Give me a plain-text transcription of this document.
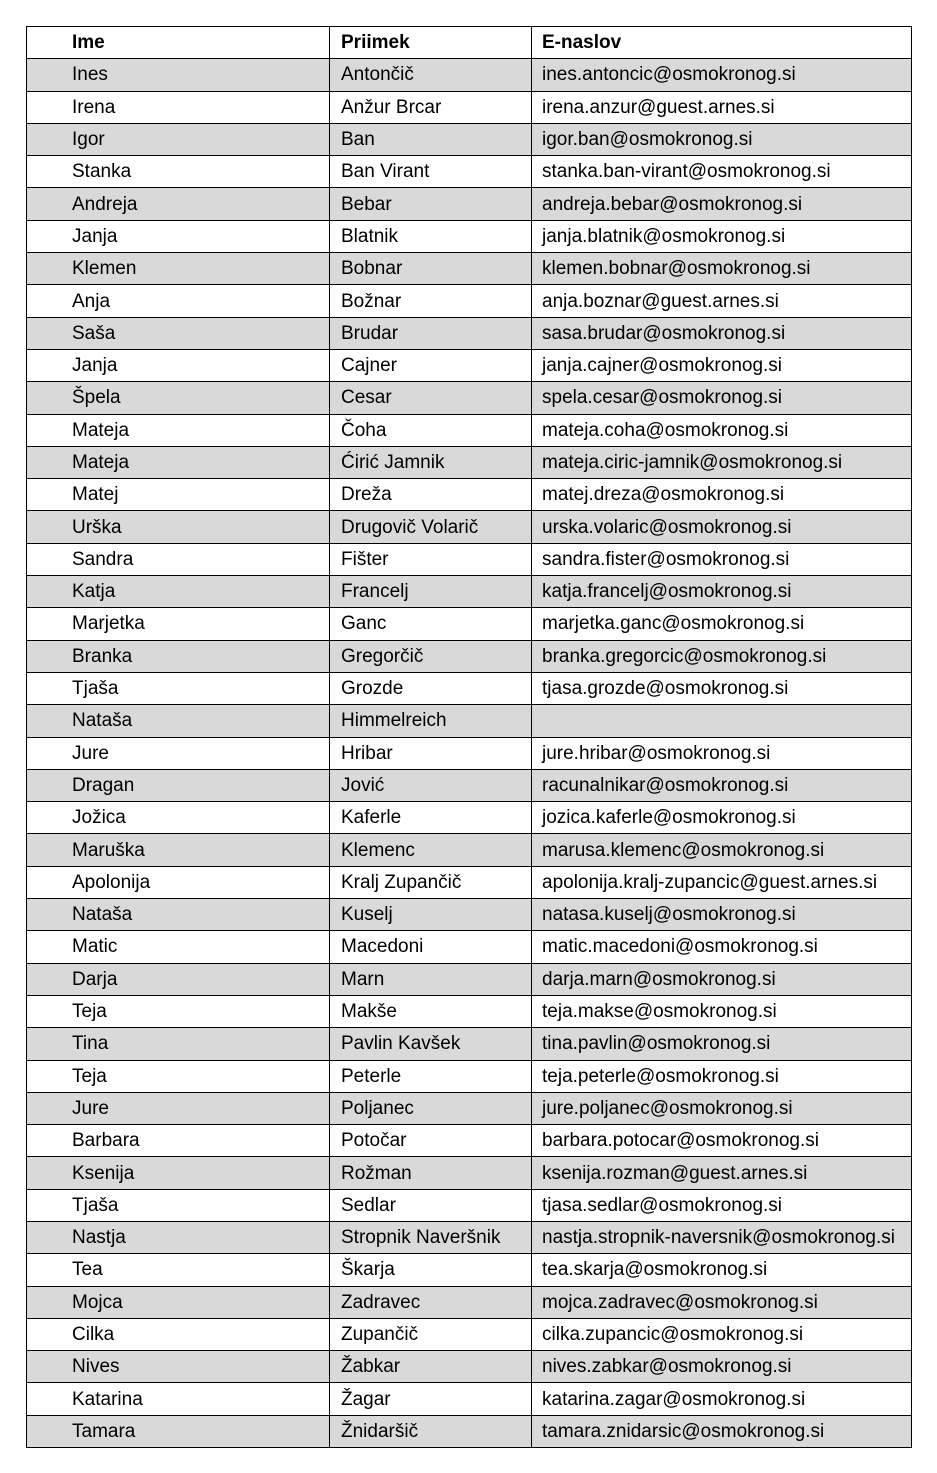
Ime	Priimek	E-naslov
Ines	Antončič	ines.antoncic@osmokronog.si
Irena	Anžur Brcar	irena.anzur@guest.arnes.si
Igor	Ban	igor.ban@osmokronog.si
Stanka	Ban Virant	stanka.ban-virant@osmokronog.si
Andreja	Bebar	andreja.bebar@osmokronog.si
Janja	Blatnik	janja.blatnik@osmokronog.si
Klemen	Bobnar	klemen.bobnar@osmokronog.si
Anja	Božnar	anja.boznar@guest.arnes.si
Saša	Brudar	sasa.brudar@osmokronog.si
Janja	Cajner	janja.cajner@osmokronog.si
Špela	Cesar	spela.cesar@osmokronog.si
Mateja	Čoha	mateja.coha@osmokronog.si
Mateja	Ćirić Jamnik	mateja.ciric-jamnik@osmokronog.si
Matej	Dreža	matej.dreza@osmokronog.si
Urška	Drugovič Volarič	urska.volaric@osmokronog.si
Sandra	Fišter	sandra.fister@osmokronog.si
Katja	Francelj	katja.francelj@osmokronog.si
Marjetka	Ganc	marjetka.ganc@osmokronog.si
Branka	Gregorčič	branka.gregorcic@osmokronog.si
Tjaša	Grozde	tjasa.grozde@osmokronog.si
Nataša	Himmelreich	
Jure	Hribar	jure.hribar@osmokronog.si
Dragan	Jović	racunalnikar@osmokronog.si
Jožica	Kaferle	jozica.kaferle@osmokronog.si
Maruška	Klemenc	marusa.klemenc@osmokronog.si
Apolonija	Kralj Zupančič	apolonija.kralj-zupancic@guest.arnes.si
Nataša	Kuselj	natasa.kuselj@osmokronog.si
Matic	Macedoni	matic.macedoni@osmokronog.si
Darja	Marn	darja.marn@osmokronog.si
Teja	Makše	teja.makse@osmokronog.si
Tina	Pavlin Kavšek	tina.pavlin@osmokronog.si
Teja	Peterle	teja.peterle@osmokronog.si
Jure	Poljanec	jure.poljanec@osmokronog.si
Barbara	Potočar	barbara.potocar@osmokronog.si
Ksenija	Rožman	ksenija.rozman@guest.arnes.si
Tjaša	Sedlar	tjasa.sedlar@osmokronog.si
Nastja	Stropnik Naveršnik	nastja.stropnik-naversnik@osmokronog.si
Tea	Škarja	tea.skarja@osmokronog.si
Mojca	Zadravec	mojca.zadravec@osmokronog.si
Cilka	Zupančič	cilka.zupancic@osmokronog.si
Nives	Žabkar	nives.zabkar@osmokronog.si
Katarina	Žagar	katarina.zagar@osmokronog.si
Tamara	Žnidaršič	tamara.znidarsic@osmokronog.si
